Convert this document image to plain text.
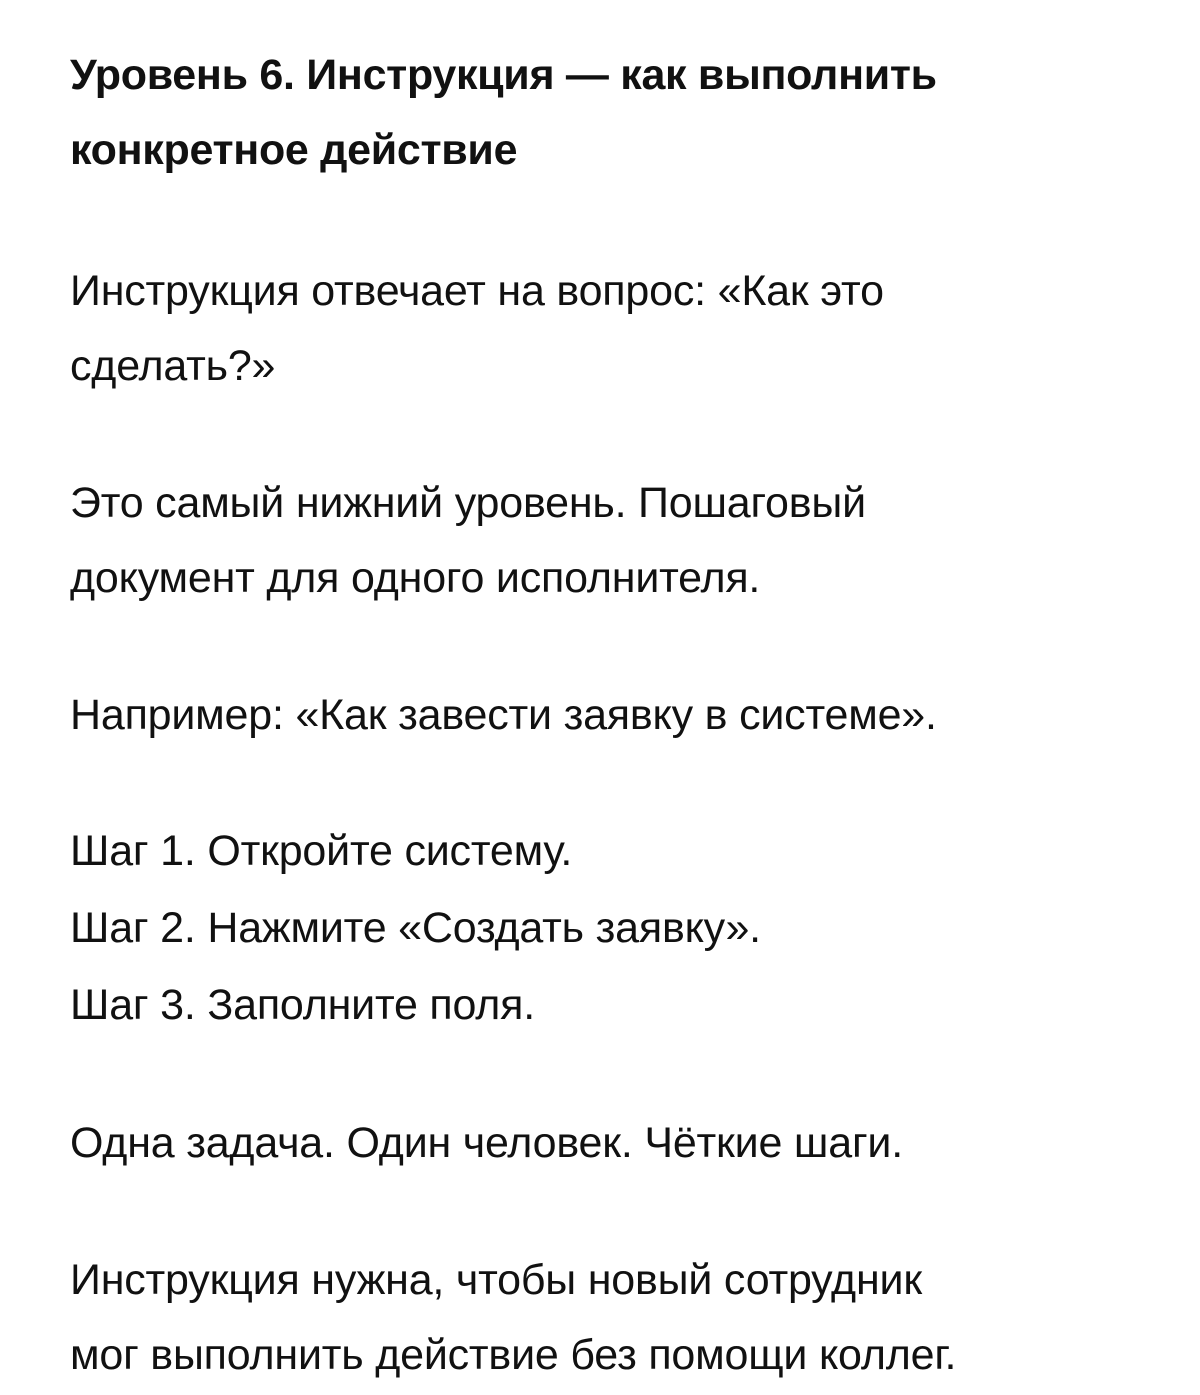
Уровень 6. Инструкция — как выполнить
конкретное действие

Инструкция отвечает на вопрос: «Как это
сделать?»

Это самый нижний уровень. Пошаговый
документ для одного исполнителя.

Например: «Как завести заявку в системе».

Шаг 1. Откройте систему.

Шаг 2. Нажмите «Создать заявку».

Шаг 3. Заполните поля.

Одна задача. Один человек. Чёткие шаги.

Инструкция нужна, чтобы новый сотрудник
мог выполнить действие без помощи коллег.
